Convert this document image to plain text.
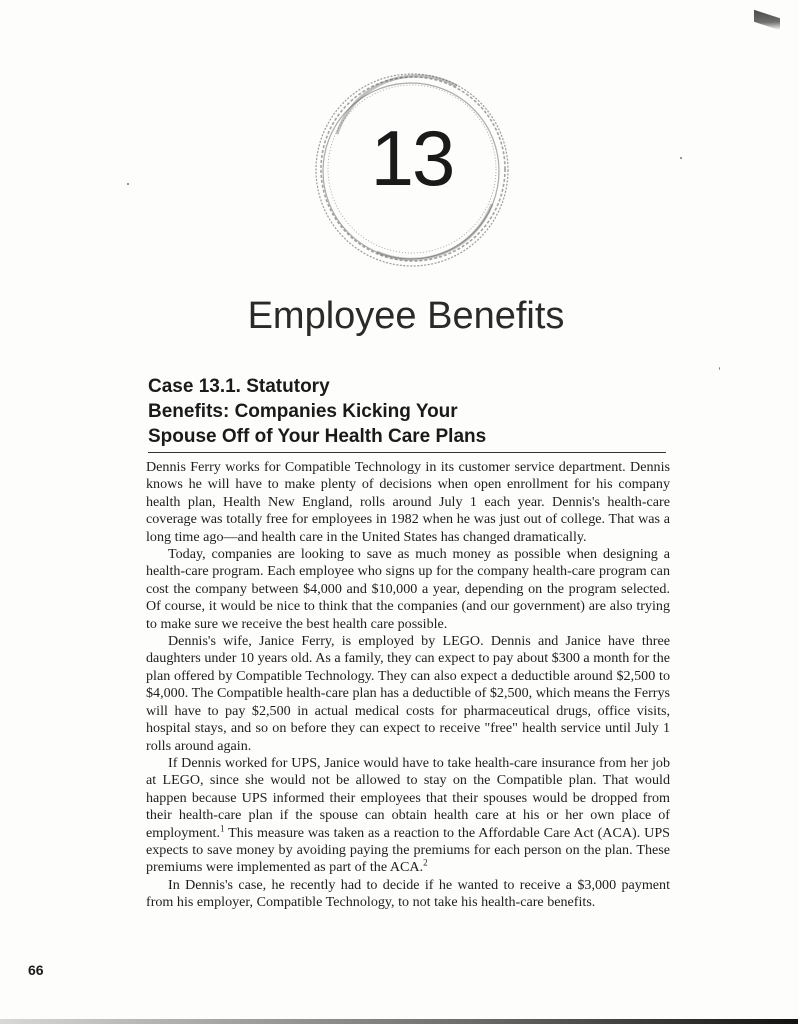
13
Employee Benefits
Case 13.1. Statutory
Benefits: Companies Kicking Your
Spouse Off of Your Health Care Plans

Dennis Ferry works for Compatible Technology in its customer service department. Dennis knows he will have to make plenty of decisions when open enrollment for his company health plan, Health New England, rolls around July 1 each year. Dennis's health-care coverage was totally free for employees in 1982 when he was just out of college. That was a long time ago—and health care in the United States has changed dramatically.

Today, companies are looking to save as much money as possible when designing a health-care program. Each employee who signs up for the company health-care program can cost the company between $4,000 and $10,000 a year, depending on the program selected. Of course, it would be nice to think that the companies (and our government) are also trying to make sure we receive the best health care possible.

Dennis's wife, Janice Ferry, is employed by LEGO. Dennis and Janice have three daughters under 10 years old. As a family, they can expect to pay about $300 a month for the plan offered by Compatible Technology. They can also expect a deductible around $2,500 to $4,000. The Compatible health-care plan has a deductible of $2,500, which means the Ferrys will have to pay $2,500 in actual medical costs for pharmaceutical drugs, office visits, hospital stays, and so on before they can expect to receive "free" health service until July 1 rolls around again.

If Dennis worked for UPS, Janice would have to take health-care insurance from her job at LEGO, since she would not be allowed to stay on the Compatible plan. That would happen because UPS informed their employees that their spouses would be dropped from their health-care plan if the spouse can obtain health care at his or her own place of employment.$^1$ This measure was taken as a reaction to the Affordable Care Act (ACA). UPS expects to save money by avoiding paying the premiums for each person on the plan. These premiums were implemented as part of the ACA.$^2$

In Dennis's case, he recently had to decide if he wanted to receive a $3,000 payment from his employer, Compatible Technology, to not take his health-care benefits.

66
